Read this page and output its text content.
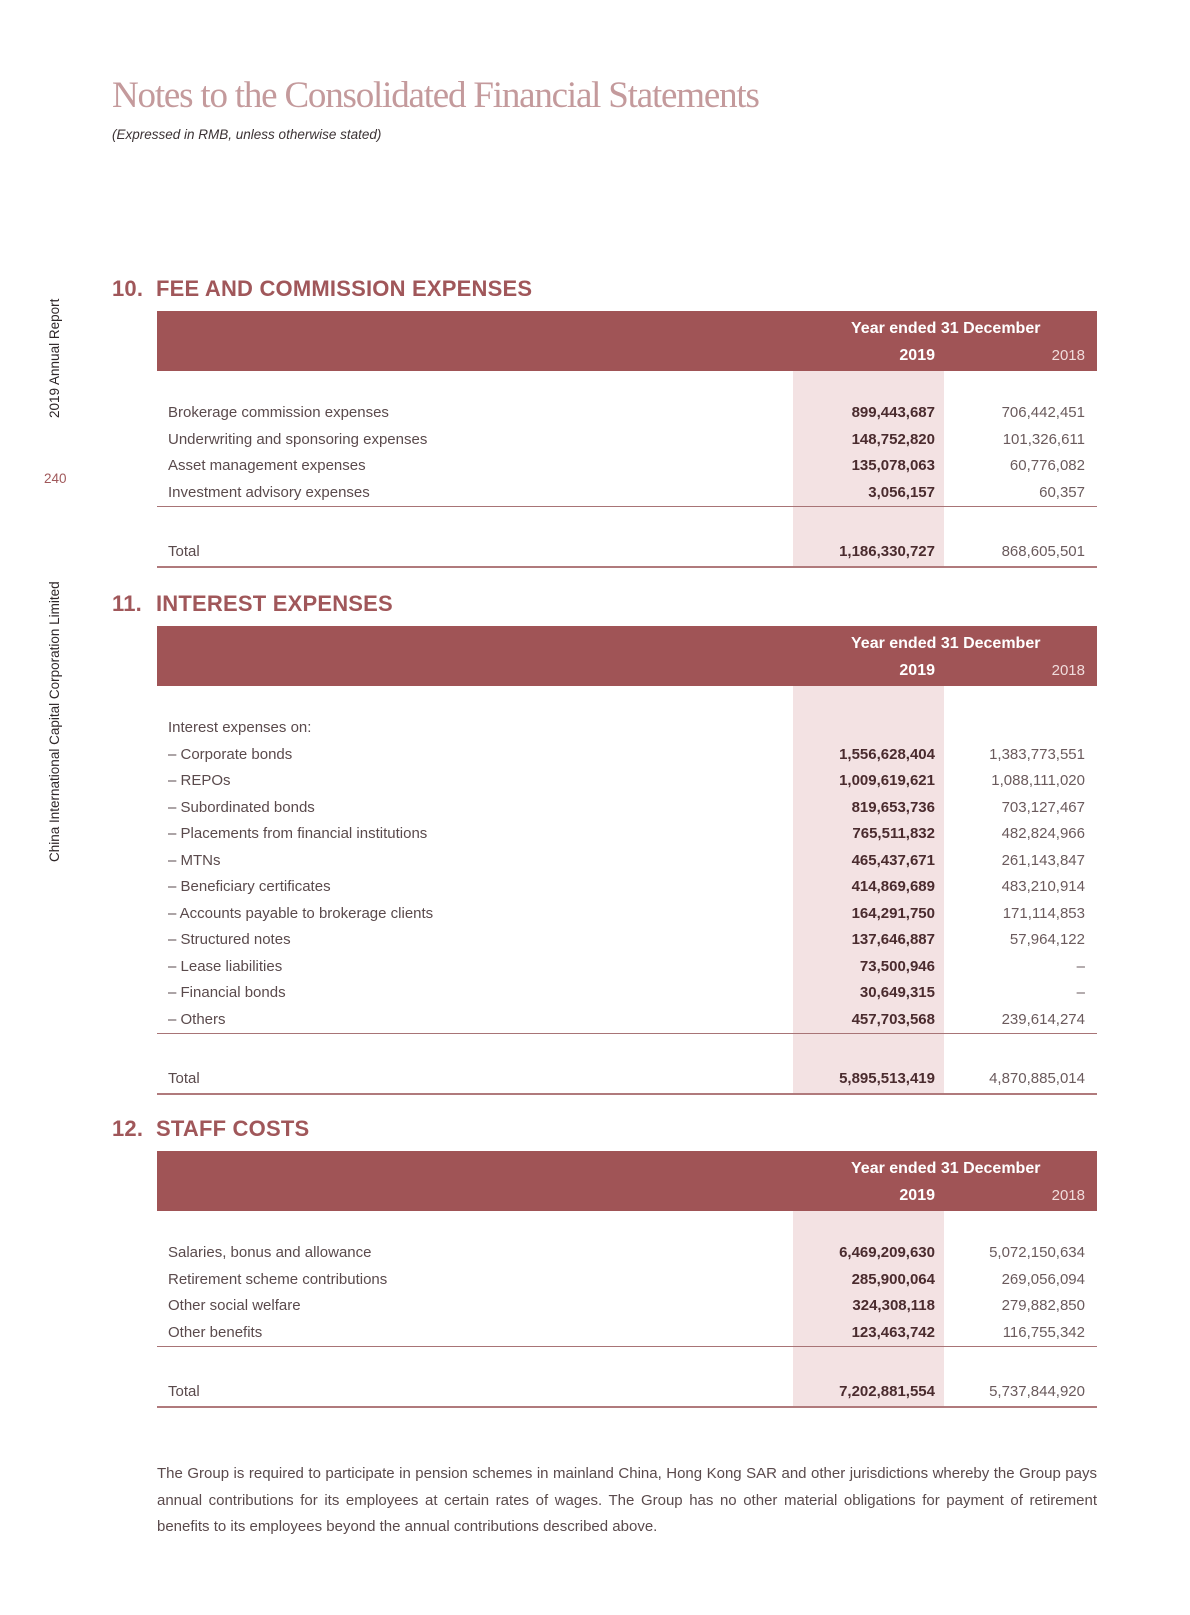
Notes to the Consolidated Financial Statements
(Expressed in RMB, unless otherwise stated)
2019 Annual Report
240
China International Capital Corporation Limited
10. FEE AND COMMISSION EXPENSES
Year ended 31 December
2019	2018
Brokerage commission expenses	899,443,687	706,442,451
Underwriting and sponsoring expenses	148,752,820	101,326,611
Asset management expenses	135,078,063	60,776,082
Investment advisory expenses	3,056,157	60,357
Total	1,186,330,727	868,605,501
11. INTEREST EXPENSES
Year ended 31 December
2019	2018
Interest expenses on:
– Corporate bonds	1,556,628,404	1,383,773,551
– REPOs	1,009,619,621	1,088,111,020
– Subordinated bonds	819,653,736	703,127,467
– Placements from financial institutions	765,511,832	482,824,966
– MTNs	465,437,671	261,143,847
– Beneficiary certificates	414,869,689	483,210,914
– Accounts payable to brokerage clients	164,291,750	171,114,853
– Structured notes	137,646,887	57,964,122
– Lease liabilities	73,500,946	–
– Financial bonds	30,649,315	–
– Others	457,703,568	239,614,274
Total	5,895,513,419	4,870,885,014
12. STAFF COSTS
Year ended 31 December
2019	2018
Salaries, bonus and allowance	6,469,209,630	5,072,150,634
Retirement scheme contributions	285,900,064	269,056,094
Other social welfare	324,308,118	279,882,850
Other benefits	123,463,742	116,755,342
Total	7,202,881,554	5,737,844,920

The Group is required to participate in pension schemes in mainland China, Hong Kong SAR and other jurisdictions whereby the Group pays annual contributions for its employees at certain rates of wages. The Group has no other material obligations for payment of retirement benefits to its employees beyond the annual contributions described above.
